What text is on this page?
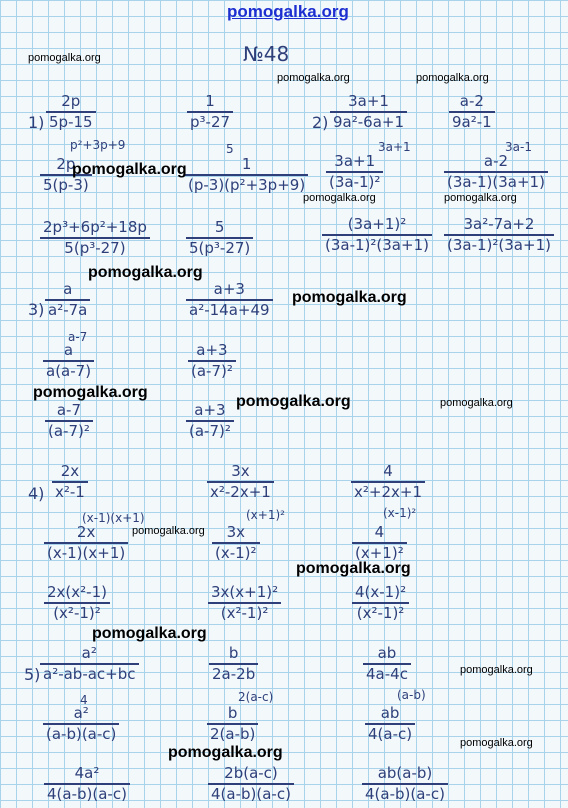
pomogalka.org
№48
1)
2p
5p-15
1
p³-27
p²+3p+9
2p
5(p-3)
5
1
(p-3)(p²+3p+9)
2p³+6p²+18p
5(p³-27)
5
5(p³-27)
2)
3a+1
9a²-6a+1
a-2
9a²-1
3a+1
3a+1
(3a-1)²
3a-1
a-2
(3a-1)(3a+1)
(3a+1)²
(3a-1)²(3a+1)
3a²-7a+2
(3a-1)²(3a+1)
3)
a
a²-7a
a+3
a²-14a+49
a-7
a
a(a-7)
a+3
(a-7)²
a-7
(a-7)²
a+3
(a-7)²
4)
2x
x²-1
3x
x²-2x+1
4
x²+2x+1
(x-1)(x+1)
2x
(x-1)(x+1)
(x+1)²
3x
(x-1)²
(x-1)²
4
(x+1)²
2x(x²-1)
(x²-1)²
3x(x+1)²
(x²-1)²
4(x-1)²
(x²-1)²
5)
a²
a²-ab-ac+bc
b
2a-2b
ab
4a-4c
4
a²
(a-b)(a-c)
2(a-c)
b
2(a-b)
(a-b)
ab
4(a-c)
4a²
4(a-b)(a-c)
2b(a-c)
4(a-b)(a-c)
ab(a-b)
4(a-b)(a-c)
pomogalka.org
pomogalka.org	pomogalka.org
pomogalka.org
pomogalka.org	pomogalka.org
pomogalka.org
pomogalka.org
pomogalka.org
pomogalka.org	pomogalka.org
pomogalka.org
pomogalka.org
pomogalka.org
pomogalka.org
pomogalka.org
pomogalka.org
